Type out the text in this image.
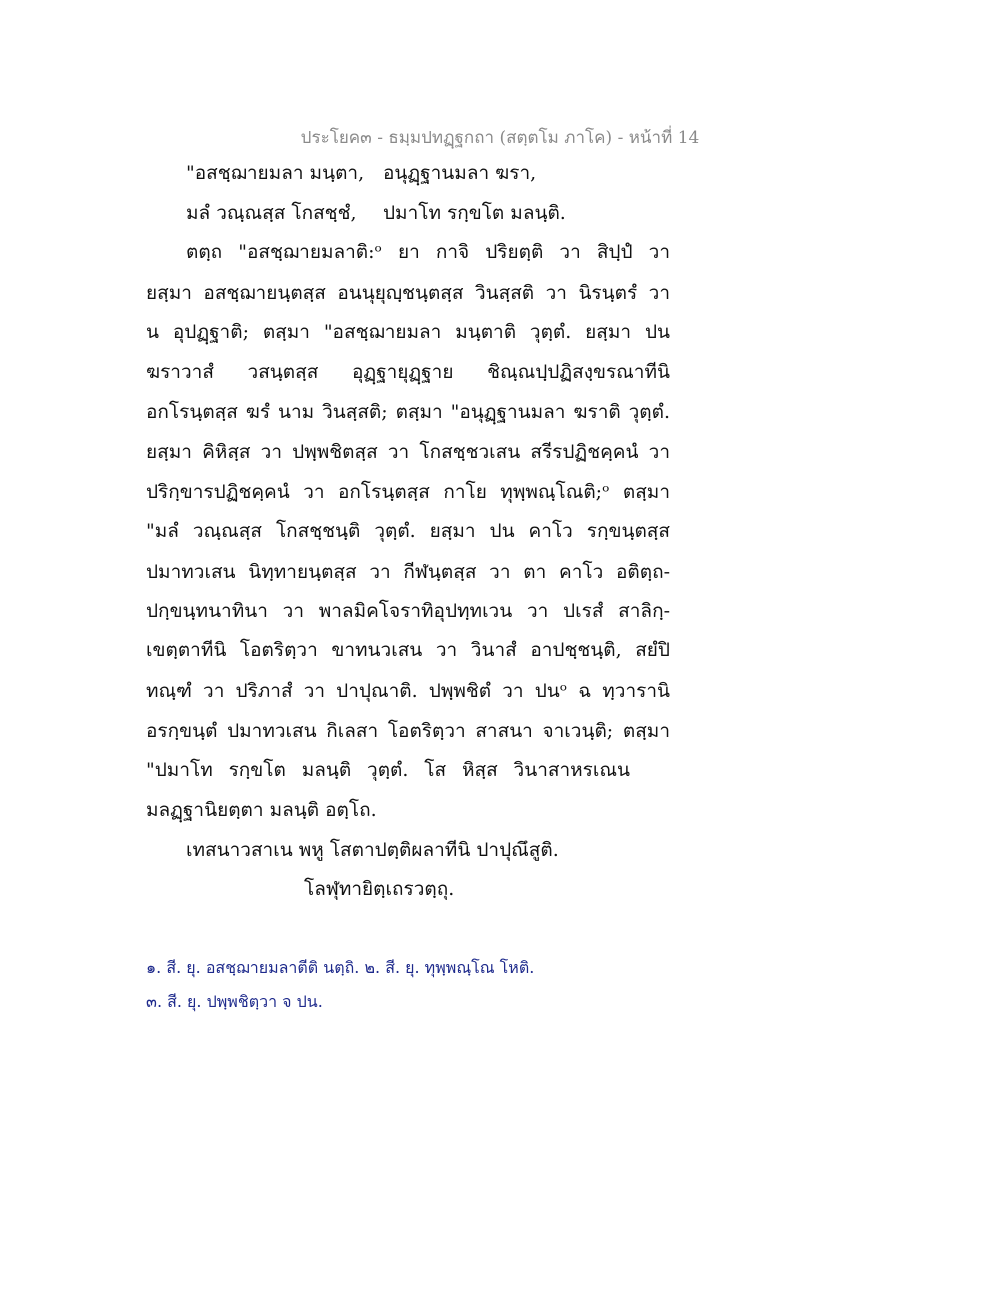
ประโยค๓ - ธมฺมปทฏฺฐกถา (สตฺตโม ภาโค) - หน้าที่ 14
"อสชฺฌายมลา มนฺตา, อนุฏฺฐานมลา ฆรา,
มลํ วณฺณสฺส โกสชฺชํ, ปมาโท รกฺขโต มลนฺติ.
ตตฺถ "อสชฺฌายมลาติ:ᵒ ยา กาจิ ปริยตฺติ วา สิปฺปํ วา
ยสฺมา อสชฺฌายนฺตสฺส อนนุยุญฺชนฺตสฺส วินสฺสติ วา นิรนฺตรํ วา
น อุปฏฺฐาติ; ตสฺมา "อสชฺฌายมลา มนฺตาติ วุตฺตํ. ยสฺมา ปน
ฆราวาสํ วสนฺตสฺส อุฏฺฐายุฏฺฐาย ชิณฺณปฺปฏิสงฺขรณาทีนิ
อกโรนฺตสฺส ฆรํ นาม วินสฺสติ; ตสฺมา "อนุฏฺฐานมลา ฆราติ วุตฺตํ.
ยสฺมา คิหิสฺส วา ปพฺพชิตสฺส วา โกสชฺชวเสน สรีรปฏิชคฺคนํ วา
ปริกฺขารปฏิชคฺคนํ วา อกโรนฺตสฺส กาโย ทุพฺพณฺโณติ;ᵒ ตสฺมา
"มลํ วณฺณสฺส โกสชฺชนฺติ วุตฺตํ. ยสฺมา ปน คาโว รกฺขนฺตสฺส
ปมาทวเสน นิทฺทายนฺตสฺส วา กีฬนฺตสฺส วา ตา คาโว อติตฺถ-
ปกฺขนฺทนาทินา วา พาลมิคโจราทิอุปทฺทเวน วา ปเรสํ สาลิกฺ-
เขตฺตาทีนิ โอตริตฺวา ขาทนวเสน วา วินาสํ อาปชฺชนฺติ, สยํปิ
ทณฺฑํ วา ปริภาสํ วา ปาปุณาติ. ปพฺพชิตํ วา ปนᵒ ฉ ทฺวารานิ
อรกฺขนฺตํ ปมาทวเสน กิเลสา โอตริตฺวา สาสนา จาเวนฺติ; ตสฺมา
"ปมาโท รกฺขโต มลนฺติ วุตฺตํ. โส หิสฺส วินาสาหรเณน
มลฏฺฐานิยตฺตา มลนฺติ อตฺโถ.
เทสนาวสาเน พหู โสตาปตฺติผลาทีนิ ปาปุณึสูติ.
โลฬุทายิตฺเถรวตฺถุ.
๑. สี. ยุ. อสชฺฌายมลาตีติ นตฺถิ. ๒. สี. ยุ. ทุพฺพณฺโณ โหติ.
๓. สี. ยุ. ปพฺพชิตฺวา จ ปน.
